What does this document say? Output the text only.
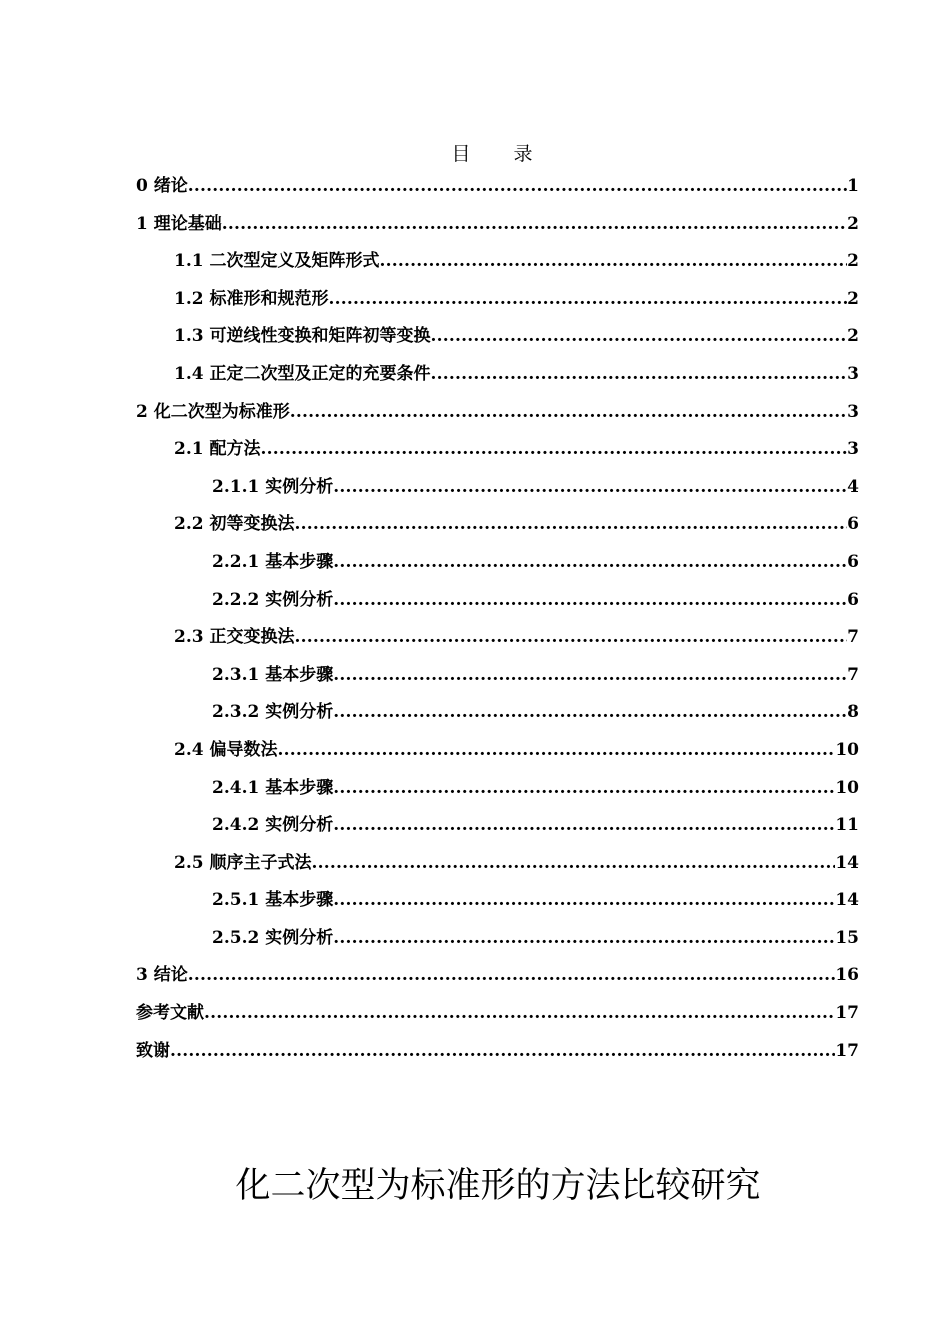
目　录
0 绪论 .....	1
1 理论基础 .....	2
1.1 二次型定义及矩阵形式 .....	2
1.2 标准形和规范形 .....	2
1.3 可逆线性变换和矩阵初等变换 .....	2
1.4 正定二次型及正定的充要条件 .....	3
2 化二次型为标准形 .....	3
2.1 配方法 .....	3
2.1.1 实例分析 .....	4
2.2 初等变换法 .....	6
2.2.1 基本步骤 .....	6
2.2.2 实例分析 .....	6
2.3 正交变换法 .....	7
2.3.1 基本步骤 .....	7
2.3.2 实例分析 .....	8
2.4 偏导数法 .....	10
2.4.1 基本步骤 .....	10
2.4.2 实例分析 .....	11
2.5 顺序主子式法 .....	14
2.5.1 基本步骤 .....	14
2.5.2 实例分析 .....	15
3 结论 .....	16
参考文献 .....	17
致谢 .....	17
化二次型为标准形的方法比较研究
